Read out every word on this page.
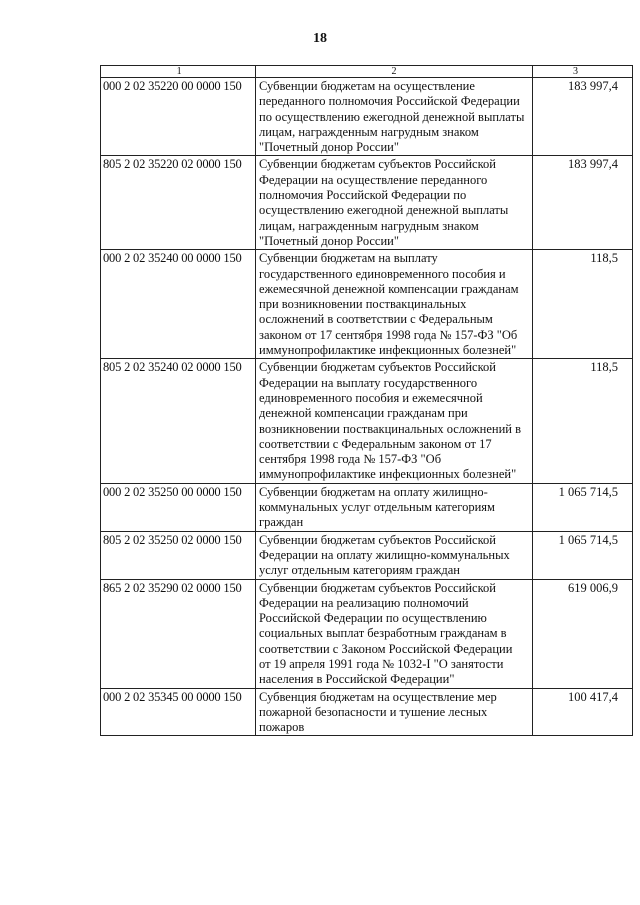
18
1	2	3
000 2 02 35220 00 0000 150	Субвенции бюджетам на осуществление переданного полномочия Российской Федерации по осуществлению ежегодной денежной выплаты лицам, награжденным нагрудным знаком "Почетный донор России"	183 997,4
805 2 02 35220 02 0000 150	Субвенции бюджетам субъектов Российской Федерации на осуществление переданного полномочия Российской Федерации по осуществлению ежегодной денежной выплаты лицам, награжденным нагрудным знаком "Почетный донор России"	183 997,4
000 2 02 35240 00 0000 150	Субвенции бюджетам на выплату государственного единовременного пособия и ежемесячной денежной компенсации гражданам при возникновении поствакцинальных осложнений в соответствии с Федеральным законом от 17 сентября 1998 года № 157-ФЗ "Об иммунопрофилактике инфекционных болезней"	118,5
805 2 02 35240 02 0000 150	Субвенции бюджетам субъектов Российской Федерации на выплату государственного единовременного пособия и ежемесячной денежной компенсации гражданам при возникновении поствакцинальных осложнений в соответствии с Федеральным законом от 17 сентября 1998 года № 157-ФЗ "Об иммунопрофилактике инфекционных болезней"	118,5
000 2 02 35250 00 0000 150	Субвенции бюджетам на оплату жилищно-коммунальных услуг отдельным категориям граждан	1 065 714,5
805 2 02 35250 02 0000 150	Субвенции бюджетам субъектов Российской Федерации на оплату жилищно-коммунальных услуг отдельным категориям граждан	1 065 714,5
865 2 02 35290 02 0000 150	Субвенции бюджетам субъектов Российской Федерации на реализацию полномочий Российской Федерации по осуществлению социальных выплат безработным гражданам в соответствии с Законом Российской Федерации от 19 апреля 1991 года № 1032-I "О занятости населения в Российской Федерации"	619 006,9
000 2 02 35345 00 0000 150	Субвенция бюджетам на осуществление мер пожарной безопасности и тушение лесных пожаров	100 417,4
